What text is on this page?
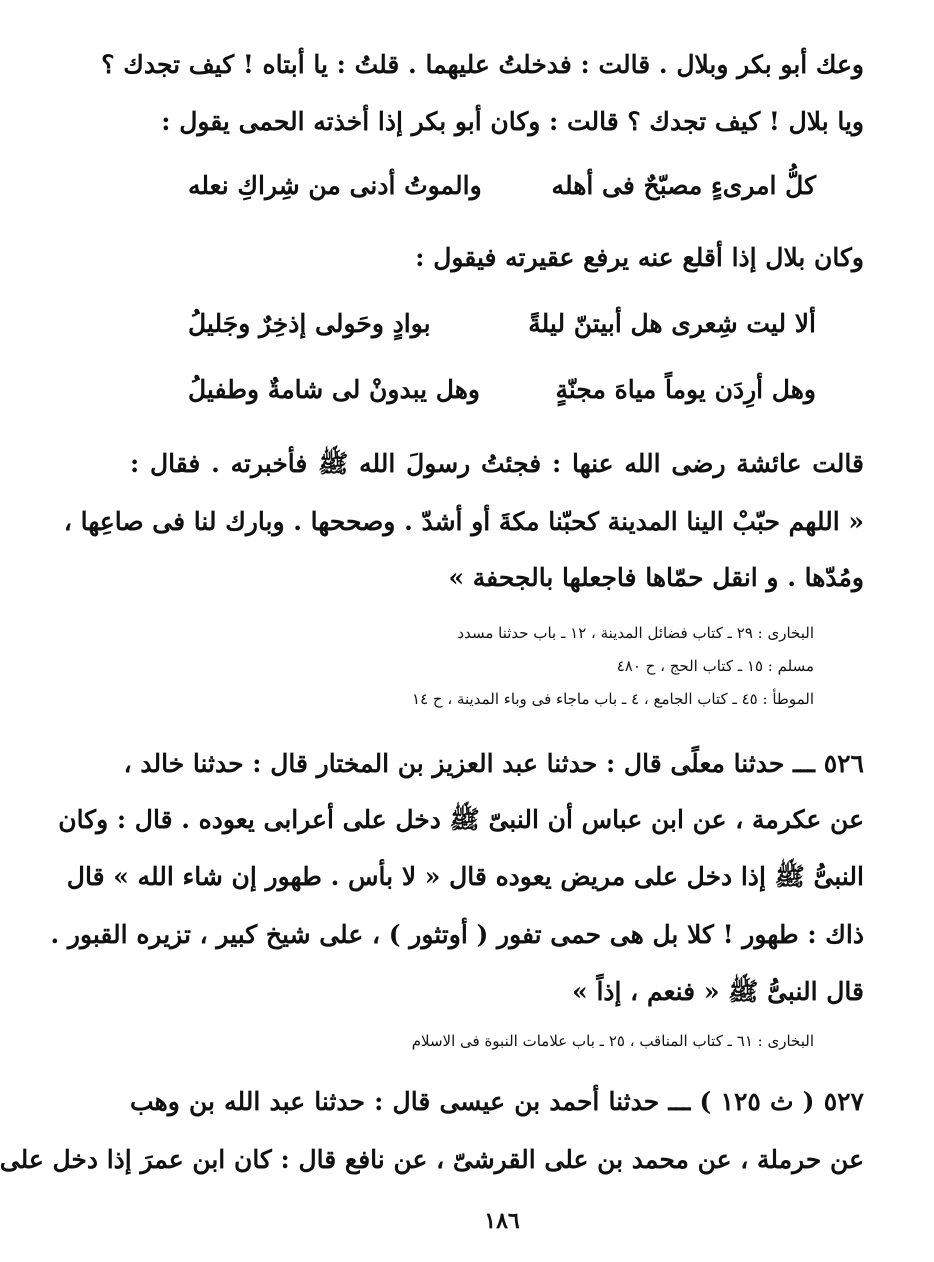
وعك أبو بكر وبلال . قالت : فدخلتُ عليهما . قلتُ : يا أبتاه ! كيف تجدك ؟
ويا بلال ! كيف تجدك ؟ قالت : وكان أبو بكر إذا أخذته الحمى يقول :
كلُّ امرىءٍ مصبّحٌ فى أهله
والموتُ أدنى من شِراكِ نعله
وكان بلال إذا أقلع عنه يرفع عقيرته فيقول :
ألا ليت شِعرى هل أبيتنّ ليلةً
بوادٍ وحَولى إذخِرٌ وجَليلُ
وهل أرِدَن يوماً مياهَ مجنّةٍ
وهل يبدونْ لى شامةٌ وطفيلُ
قالت عائشة رضى الله عنها : فجئتُ رسولَ الله ﷺ فأخبرته . فقال :
« اللهم حبّبْ الينا المدينة كحبّنا مكةَ أو أشدّ . وصححها . وبارك لنا فى صاعِها ،
ومُدّها . و انقل حمّاها فاجعلها بالجحفة »
البخارى : ٢٩ ـ كتاب فضائل المدينة ، ١٢ ـ باب حدثنا مسدد
مسلم : ١٥ ـ كتاب الحج ، ح ٤٨٠
الموطأ : ٤٥ ـ كتاب الجامع ، ٤ ـ باب ماجاء فى وباء المدينة ، ح ١٤
٥٢٦ ـــ حدثنا معلًى قال : حدثنا عبد العزيز بن المختار قال : حدثنا خالد ،
عن عكرمة ، عن ابن عباس أن النبىّ ﷺ دخل على أعرابى يعوده . قال : وكان
النبىُّ ﷺ إذا دخل على مريض يعوده قال « لا بأس . طهور إن شاء الله » قال
ذاك : طهور ! كلا بل هى حمى تفور ( أوتثور ) ، على شيخ كبير ، تزيره القبور .
قال النبىُّ ﷺ « فنعم ، إذاً »
البخارى : ٦١ ـ كتاب المناقب ، ٢٥ ـ باب علامات النبوة فى الاسلام
٥٢٧ ( ث ١٢٥ ) ـــ حدثنا أحمد بن عيسى قال : حدثنا عبد الله بن وهب
عن حرملة ، عن محمد بن على القرشىّ ، عن نافع قال : كان ابن عمرَ إذا دخل على
١٨٦
